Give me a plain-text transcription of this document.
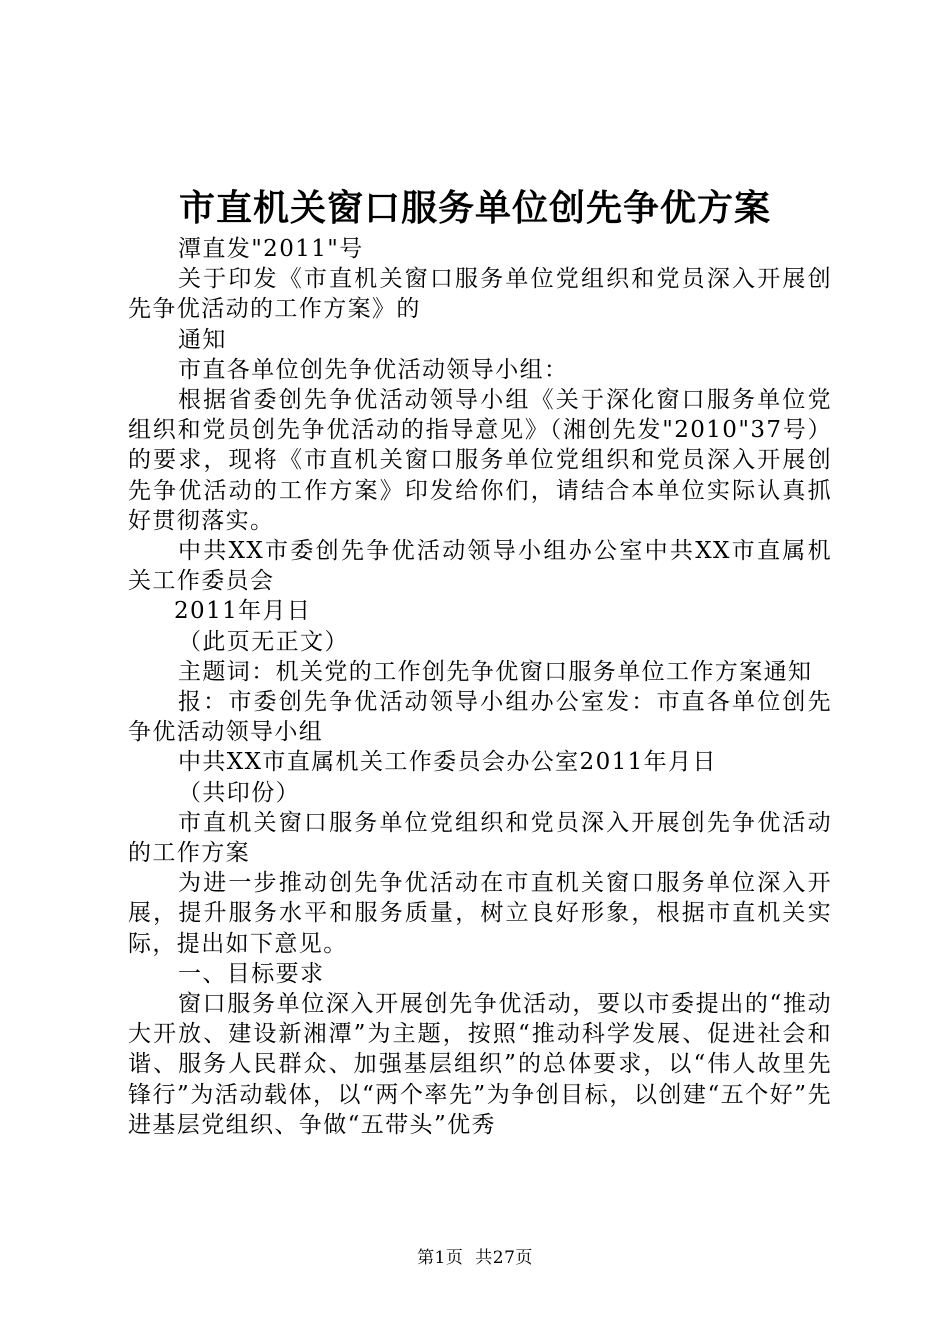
市直机关窗口服务单位创先争优方案

潭直发"2011"号

关于印发《市直机关窗口服务单位党组织和党员深入开展创先争优活动的工作方案》的

通知

市直各单位创先争优活动领导小组：

根据省委创先争优活动领导小组《关于深化窗口服务单位党组织和党员创先争优活动的指导意见》（湘创先发"2010"37号）的要求，现将《市直机关窗口服务单位党组织和党员深入开展创先争优活动的工作方案》印发给你们，请结合本单位实际认真抓好贯彻落实。

中共XX市委创先争优活动领导小组办公室中共XX市直属机关工作委员会

2011年月日

（此页无正文）

主题词：机关党的工作创先争优窗口服务单位工作方案通知

报：市委创先争优活动领导小组办公室发：市直各单位创先争优活动领导小组

中共XX市直属机关工作委员会办公室2011年月日

（共印份）

市直机关窗口服务单位党组织和党员深入开展创先争优活动的工作方案

为进一步推动创先争优活动在市直机关窗口服务单位深入开展，提升服务水平和服务质量，树立良好形象，根据市直机关实际，提出如下意见。

一、目标要求

窗口服务单位深入开展创先争优活动，要以市委提出的“推动大开放、建设新湘潭”为主题，按照“推动科学发展、促进社会和谐、服务人民群众、加强基层组织”的总体要求，以“伟人故里先锋行”为活动载体，以“两个率先”为争创目标，以创建“五个好”先进基层党组织、争做“五带头”优秀

第1页 共27页
